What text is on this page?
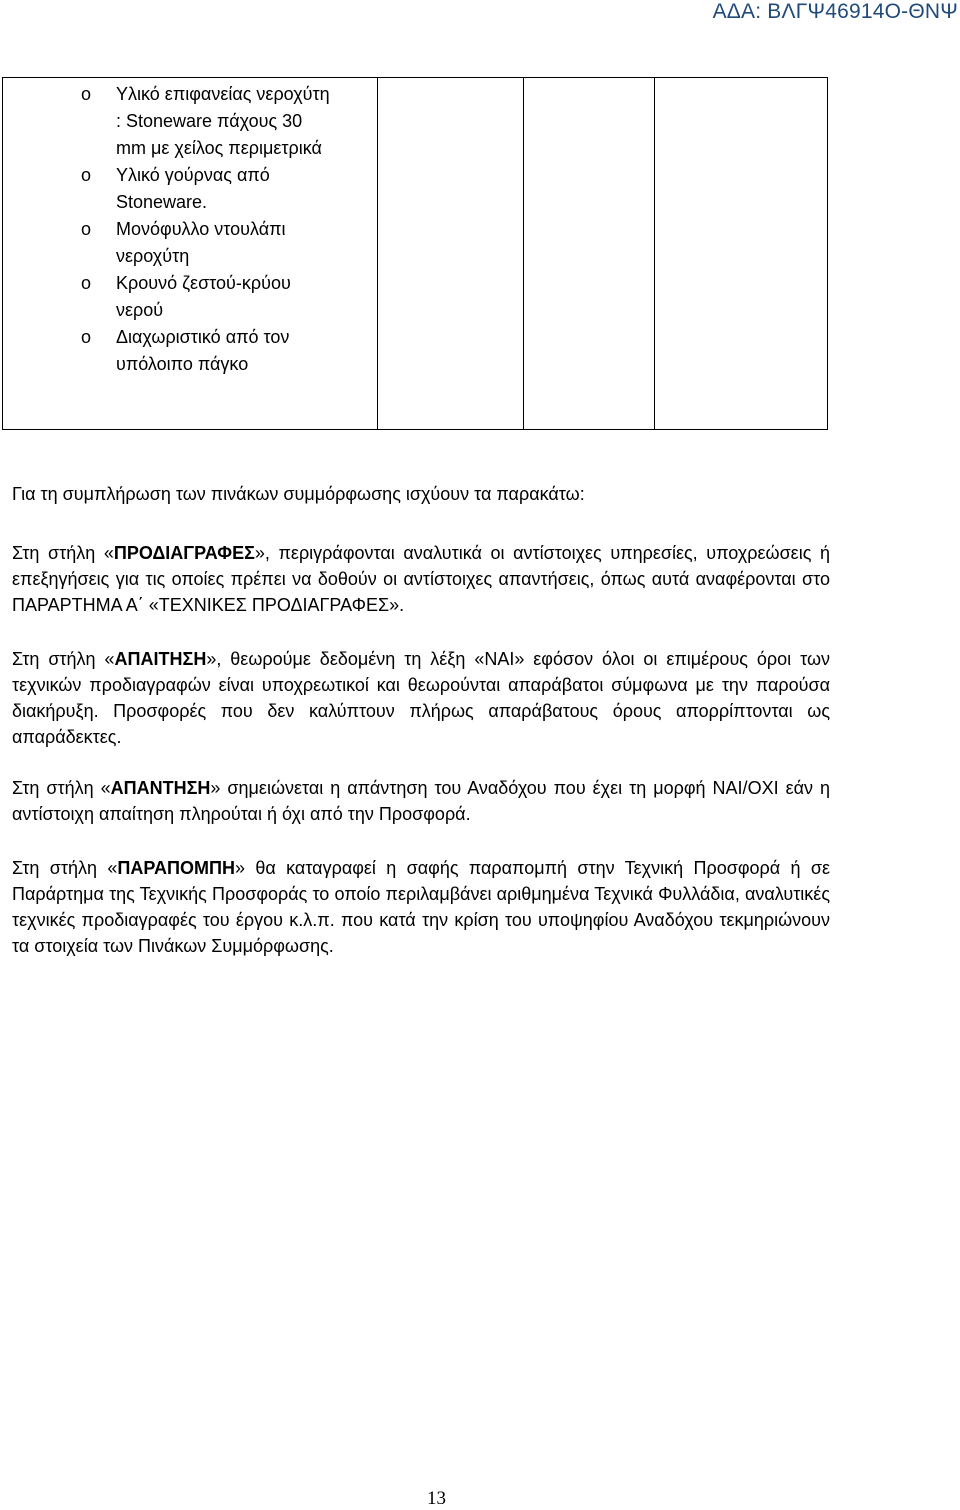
ΑΔΑ: ΒΛΓΨ46914Ο-ΘΝΨ
o Υλικό επιφανείας νεροχύτη : Stoneware πάχους 30 mm με χείλος περιμετρικά
o Υλικό γούρνας από Stoneware.
o Μονόφυλλο ντουλάπι νεροχύτη
o Κρουνό ζεστού-κρύου νερού
o Διαχωριστικό από τον υπόλοιπο πάγκο

Για τη συμπλήρωση των πινάκων συμμόρφωσης ισχύουν τα παρακάτω:

Στη στήλη «ΠΡΟΔΙΑΓΡΑΦΕΣ», περιγράφονται αναλυτικά οι αντίστοιχες υπηρεσίες, υποχρεώσεις ή επεξηγήσεις για τις οποίες πρέπει να δοθούν οι αντίστοιχες απαντήσεις, όπως αυτά αναφέρονται στο ΠΑΡΑΡΤΗΜΑ Α΄ «ΤΕΧΝΙΚΕΣ ΠΡΟΔΙΑΓΡΑΦΕΣ».

Στη στήλη «ΑΠΑΙΤΗΣΗ», θεωρούμε δεδομένη τη λέξη «ΝΑΙ» εφόσον όλοι οι επιμέρους όροι των τεχνικών προδιαγραφών είναι υποχρεωτικοί και θεωρούνται απαράβατοι σύμφωνα με την παρούσα διακήρυξη. Προσφορές που δεν καλύπτουν πλήρως απαράβατους όρους απορρίπτονται ως απαράδεκτες.

Στη στήλη «ΑΠΑΝΤΗΣΗ» σημειώνεται η απάντηση του Αναδόχου που έχει τη μορφή ΝΑΙ/ΟΧΙ εάν η αντίστοιχη απαίτηση πληρούται ή όχι από την Προσφορά.

Στη στήλη «ΠΑΡΑΠΟΜΠΗ» θα καταγραφεί η σαφής παραπομπή στην Τεχνική Προσφορά ή σε Παράρτημα της Τεχνικής Προσφοράς το οποίο περιλαμβάνει αριθμημένα Τεχνικά Φυλλάδια, αναλυτικές τεχνικές προδιαγραφές του έργου κ.λ.π. που κατά την κρίση του υποψηφίου Αναδόχου τεκμηριώνουν τα στοιχεία των Πινάκων Συμμόρφωσης.

13
